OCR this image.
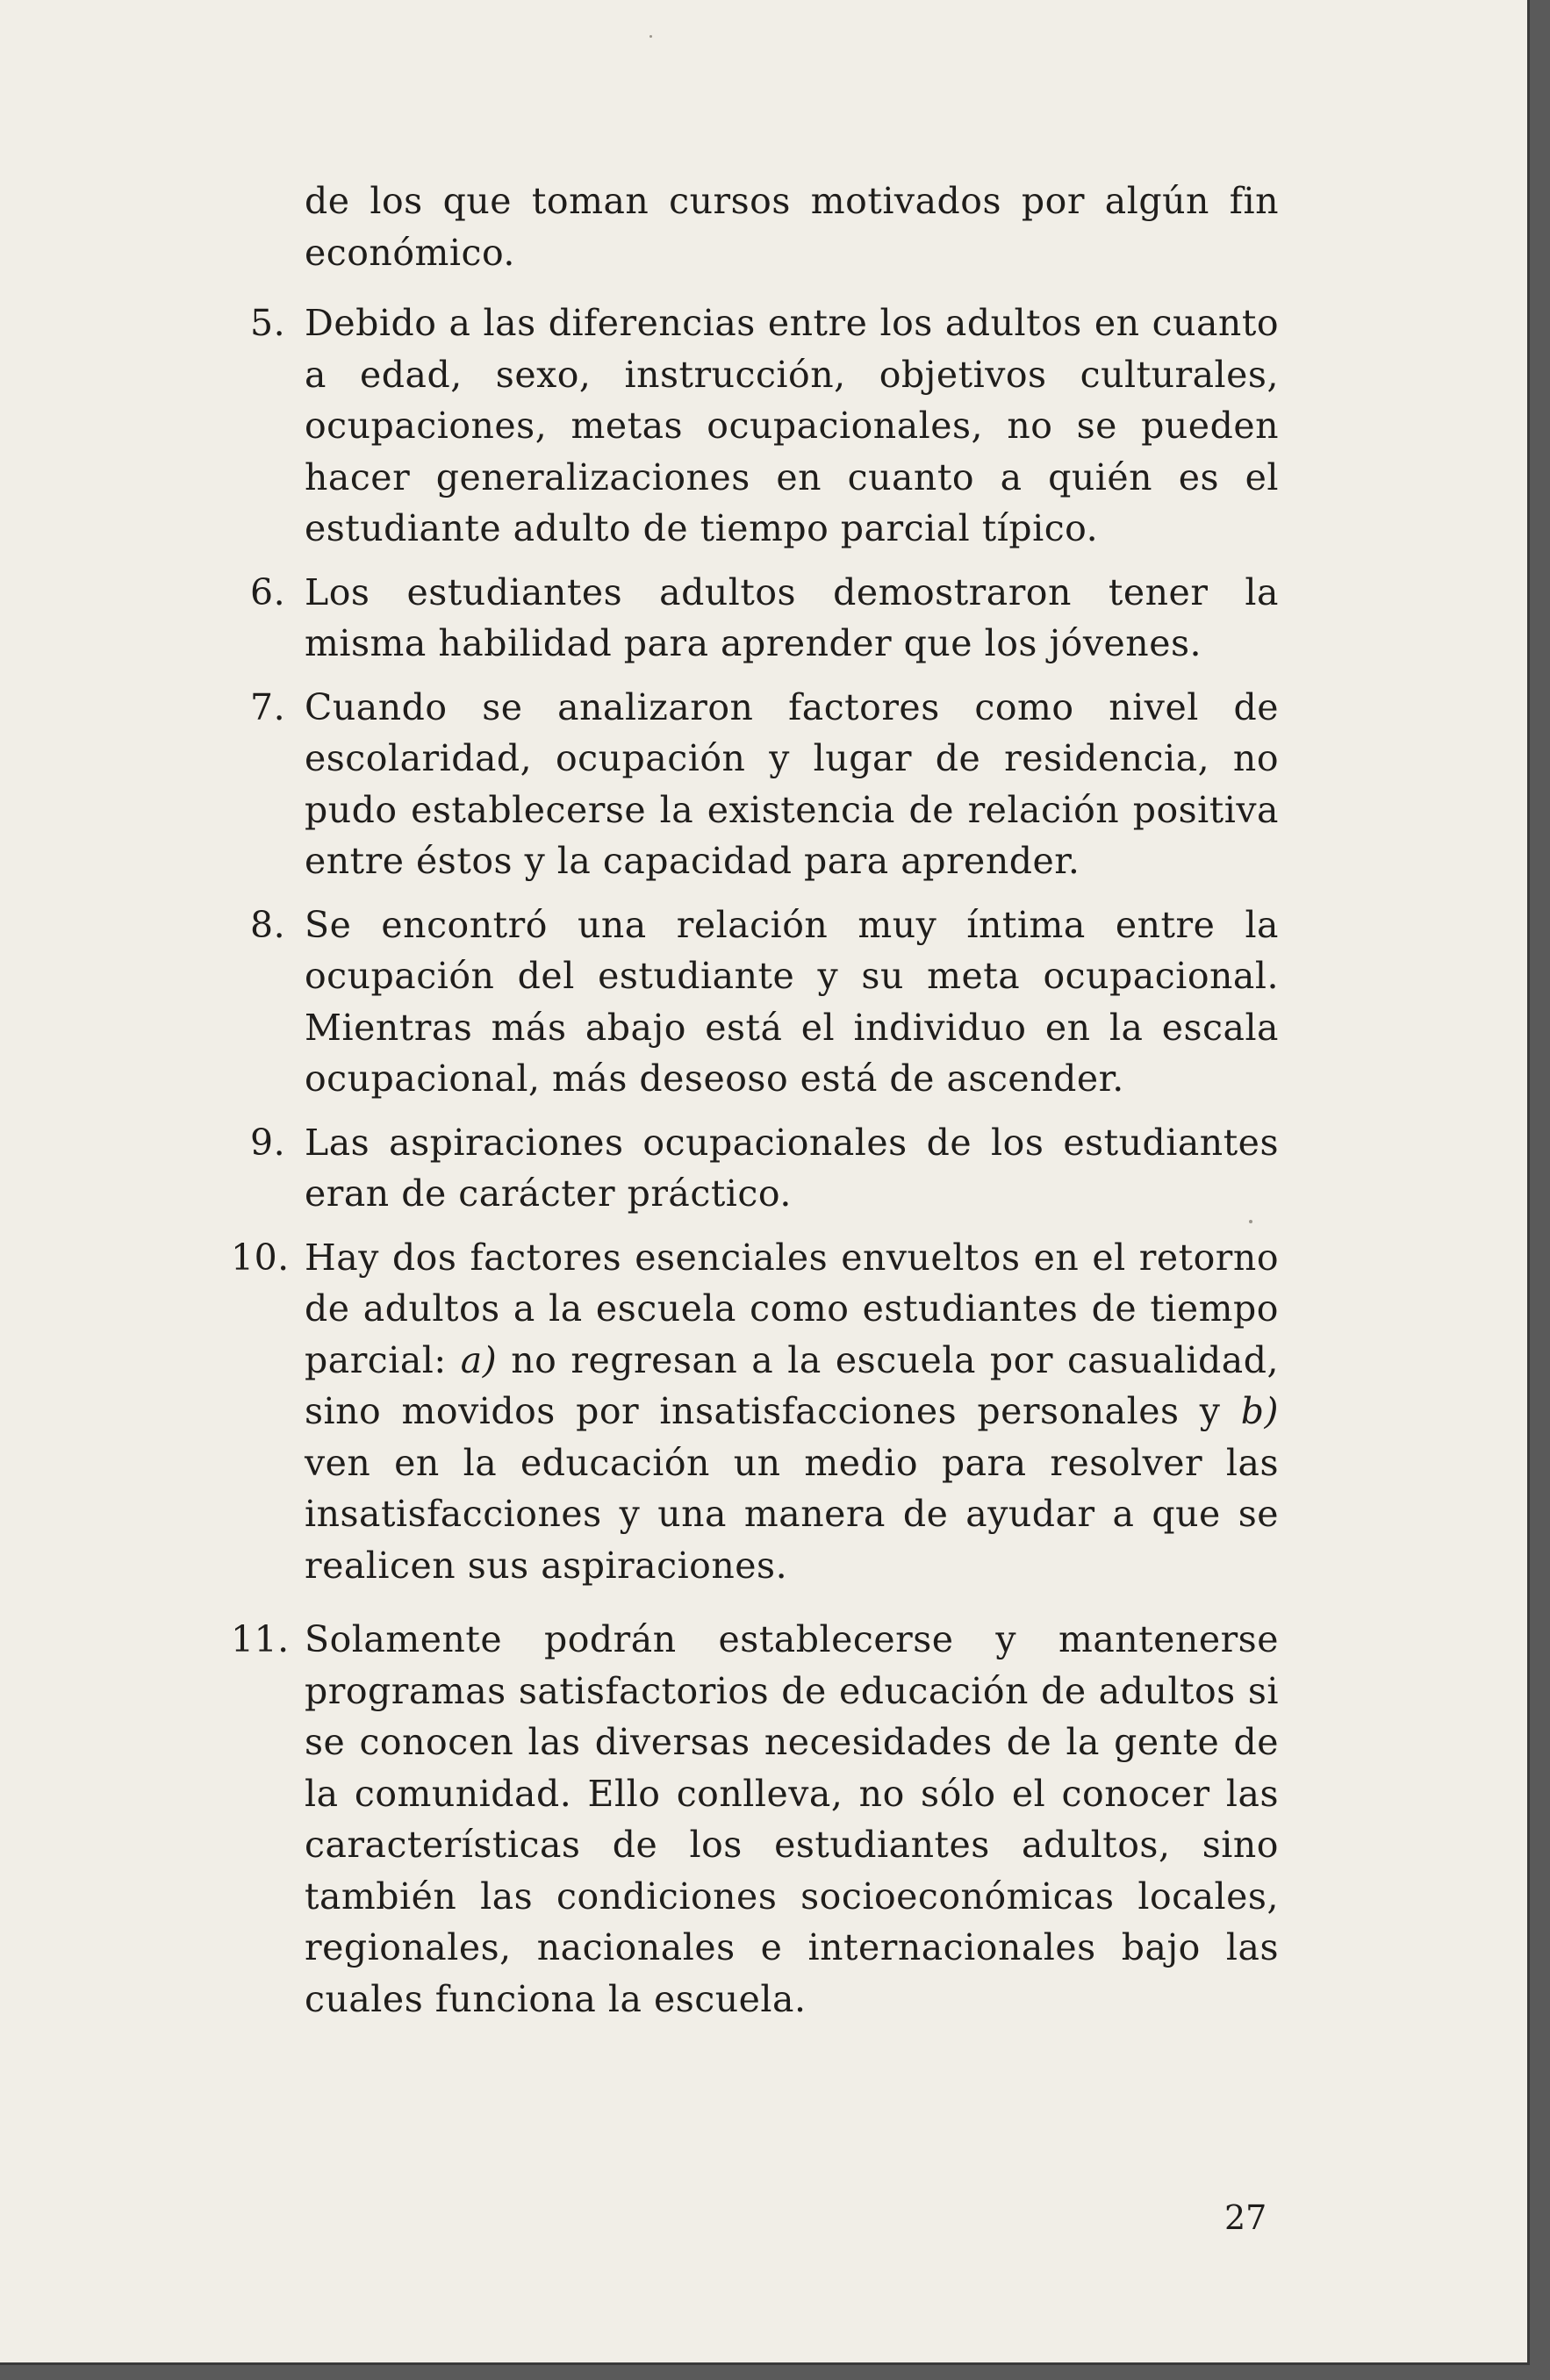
de los que toman cursos motivados por algún fin económico.

5. Debido a las diferencias entre los adultos en cuanto a edad, sexo, instrucción, objetivos culturales, ocupaciones, metas ocupacionales, no se pueden hacer generalizaciones en cuanto a quién es el estudiante adulto de tiempo parcial típico.
6. Los estudiantes adultos demostraron tener la misma habilidad para aprender que los jóvenes.
7. Cuando se analizaron factores como nivel de escolaridad, ocupación y lugar de residencia, no pudo establecerse la existencia de relación positiva entre éstos y la capacidad para aprender.
8. Se encontró una relación muy íntima entre la ocupación del estudiante y su meta ocupacional. Mientras más abajo está el individuo en la escala ocupacional, más deseoso está de ascender.
9. Las aspiraciones ocupacionales de los estudiantes eran de carácter práctico.
10. Hay dos factores esenciales envueltos en el retorno de adultos a la escuela como estudiantes de tiempo parcial: a) no regresan a la escuela por casualidad, sino movidos por insatisfacciones personales y b) ven en la educación un medio para resolver las insatisfacciones y una manera de ayudar a que se realicen sus aspiraciones.
11. Solamente podrán establecerse y mantenerse programas satisfactorios de educación de adultos si se conocen las diversas necesidades de la gente de la comunidad. Ello conlleva, no sólo el conocer las características de los estudiantes adultos, sino también las condiciones socioeconómicas locales, regionales, nacionales e internacionales bajo las cuales funciona la escuela.
27
